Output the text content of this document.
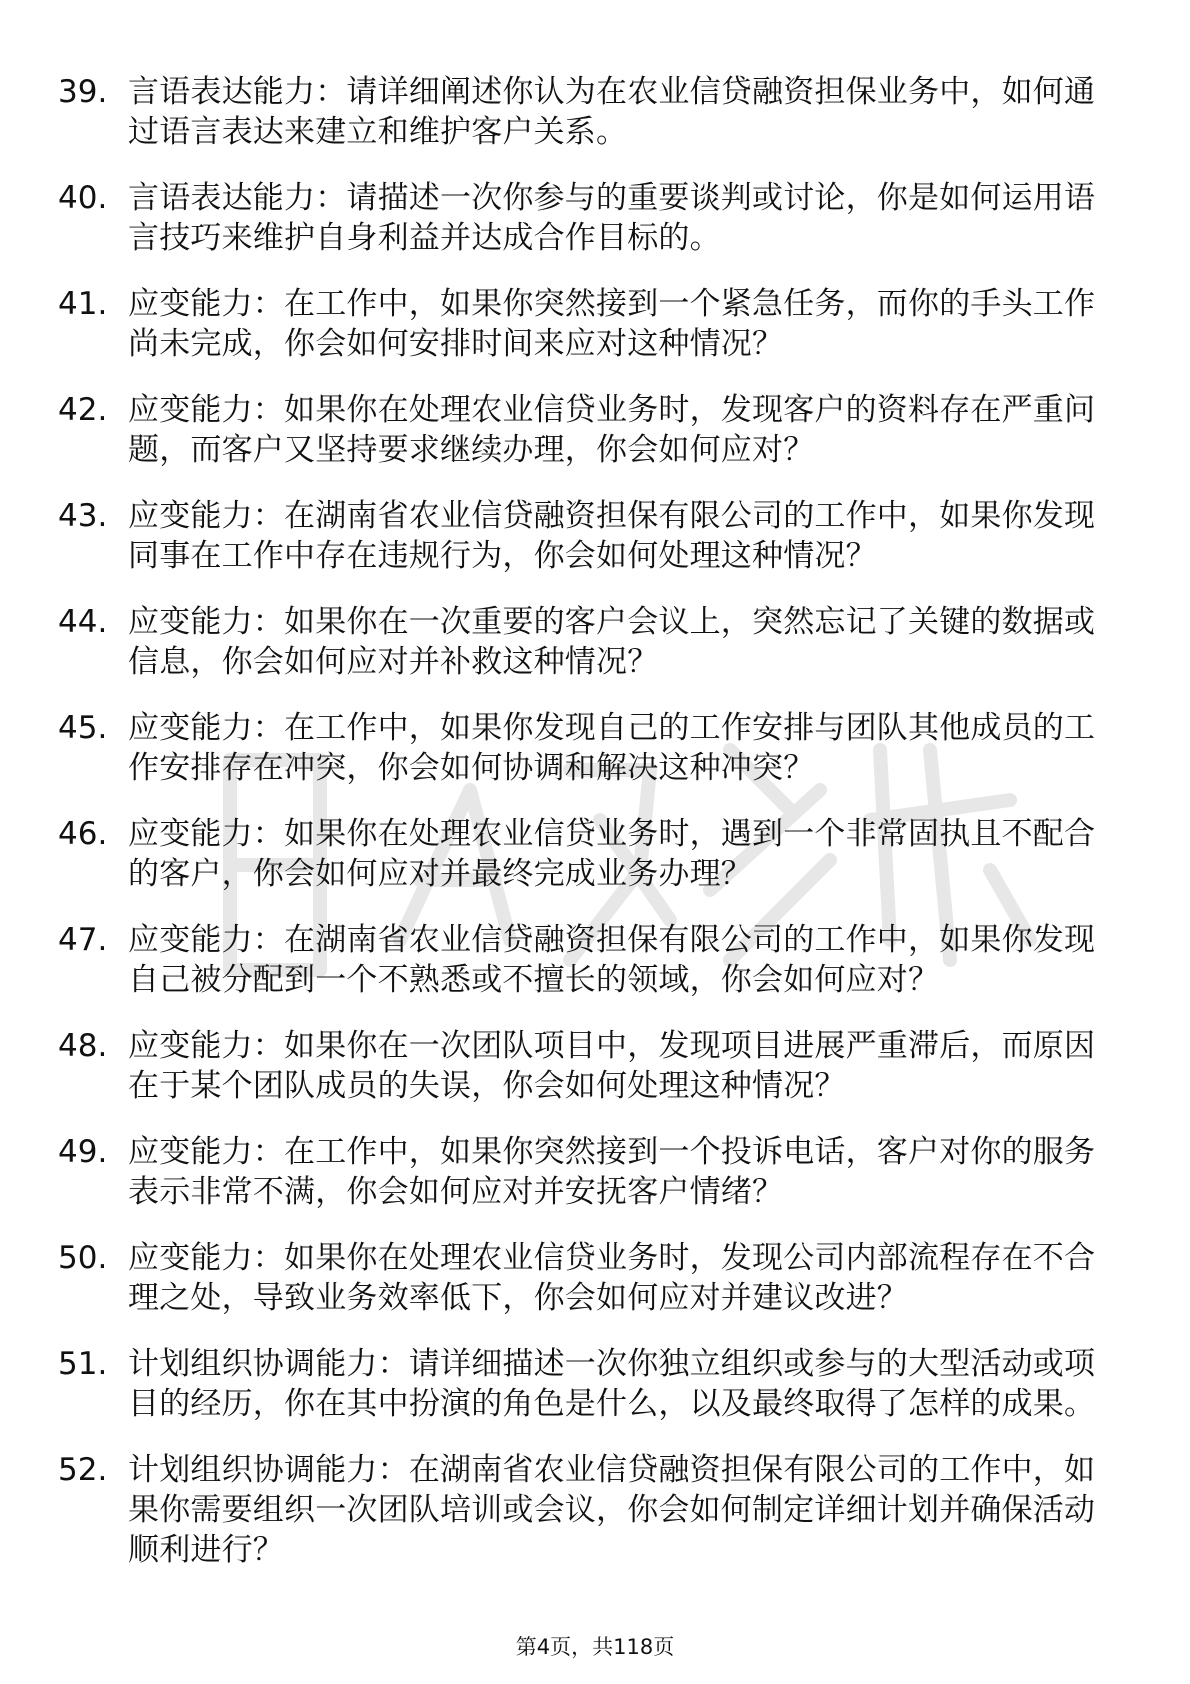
39. 言语表达能力：请详细阐述你认为在农业信贷融资担保业务中，如何通过语言表达来建立和维护客户关系。
40. 言语表达能力：请描述一次你参与的重要谈判或讨论，你是如何运用语言技巧来维护自身利益并达成合作目标的。
41. 应变能力：在工作中，如果你突然接到一个紧急任务，而你的手头工作尚未完成，你会如何安排时间来应对这种情况？
42. 应变能力：如果你在处理农业信贷业务时，发现客户的资料存在严重问题，而客户又坚持要求继续办理，你会如何应对？
43. 应变能力：在湖南省农业信贷融资担保有限公司的工作中，如果你发现同事在工作中存在违规行为，你会如何处理这种情况？
44. 应变能力：如果你在一次重要的客户会议上，突然忘记了关键的数据或信息，你会如何应对并补救这种情况？
45. 应变能力：在工作中，如果你发现自己的工作安排与团队其他成员的工作安排存在冲突，你会如何协调和解决这种冲突？
46. 应变能力：如果你在处理农业信贷业务时，遇到一个非常固执且不配合的客户，你会如何应对并最终完成业务办理？
47. 应变能力：在湖南省农业信贷融资担保有限公司的工作中，如果你发现自己被分配到一个不熟悉或不擅长的领域，你会如何应对？
48. 应变能力：如果你在一次团队项目中，发现项目进展严重滞后，而原因在于某个团队成员的失误，你会如何处理这种情况？
49. 应变能力：在工作中，如果你突然接到一个投诉电话，客户对你的服务表示非常不满，你会如何应对并安抚客户情绪？
50. 应变能力：如果你在处理农业信贷业务时，发现公司内部流程存在不合理之处，导致业务效率低下，你会如何应对并建议改进？
51. 计划组织协调能力：请详细描述一次你独立组织或参与的大型活动或项目的经历，你在其中扮演的角色是什么，以及最终取得了怎样的成果。
52. 计划组织协调能力：在湖南省农业信贷融资担保有限公司的工作中，如果你需要组织一次团队培训或会议，你会如何制定详细计划并确保活动顺利进行？
第4页，共118页
